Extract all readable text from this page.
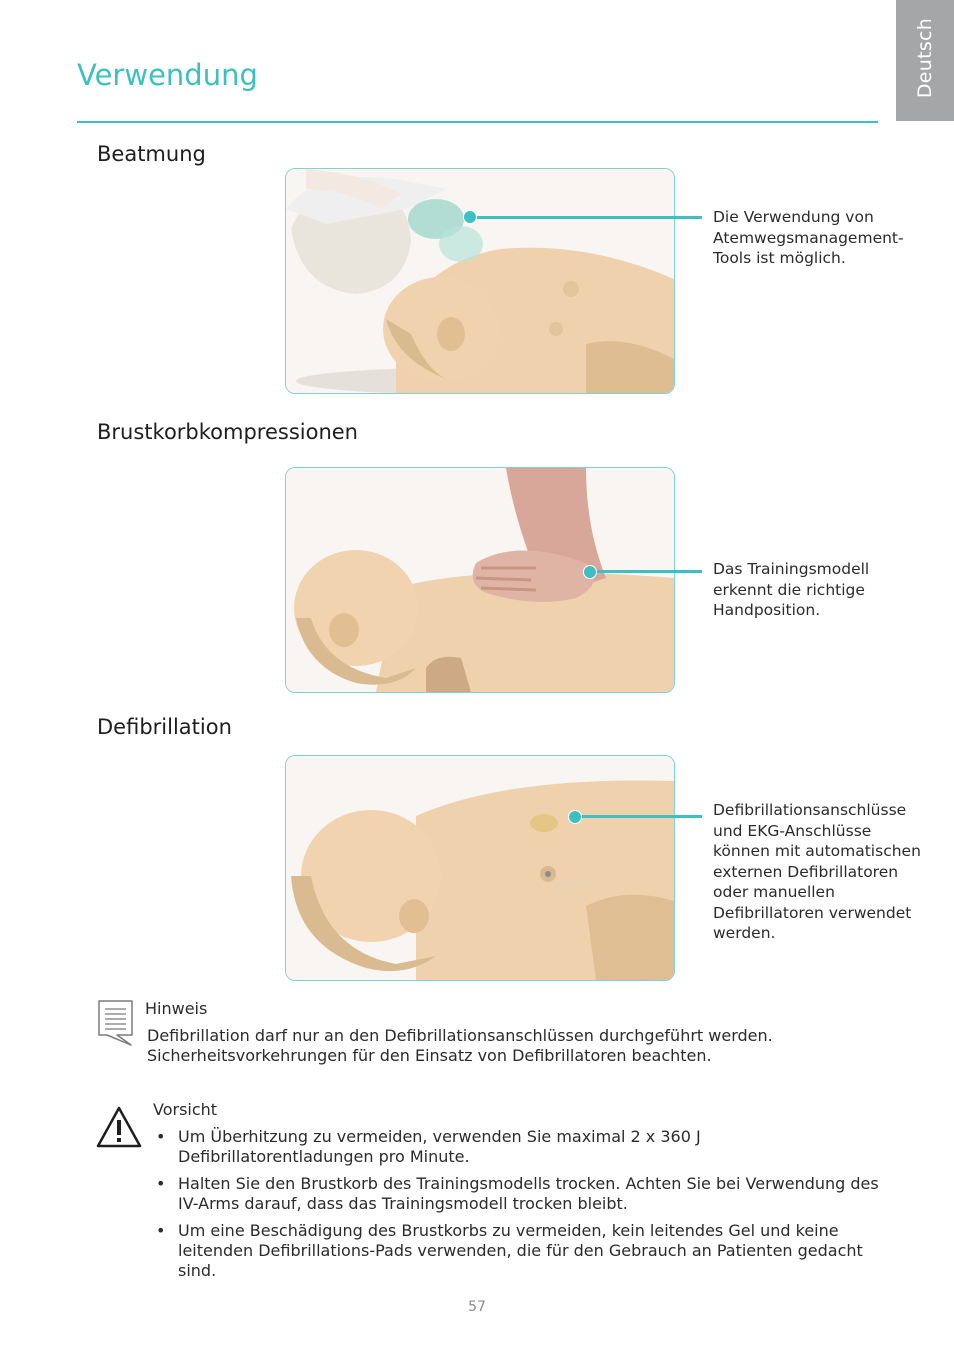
Deutsch
Verwendung
Beatmung
Die Verwendung von Atemwegsmanagement-Tools ist möglich.
Brustkorbkompressionen
Das Trainingsmodell erkennt die richtige Handposition.
Defibrillation
Defibrillationsanschlüsse und EKG-Anschlüsse können mit automatischen externen Defibrillatoren oder manuellen Defibrillatoren verwendet werden.
Hinweis
Defibrillation darf nur an den Defibrillationsanschlüssen durchgeführt werden. Sicherheitsvorkehrungen für den Einsatz von Defibrillatoren beachten.
Vorsicht
• Um Überhitzung zu vermeiden, verwenden Sie maximal 2 x 360 J Defibrillatorentladungen pro Minute.
• Halten Sie den Brustkorb des Trainingsmodells trocken. Achten Sie bei Verwendung des IV-Arms darauf, dass das Trainingsmodell trocken bleibt.
• Um eine Beschädigung des Brustkorbs zu vermeiden, kein leitendes Gel und keine leitenden Defibrillations-Pads verwenden, die für den Gebrauch an Patienten gedacht sind.
57
